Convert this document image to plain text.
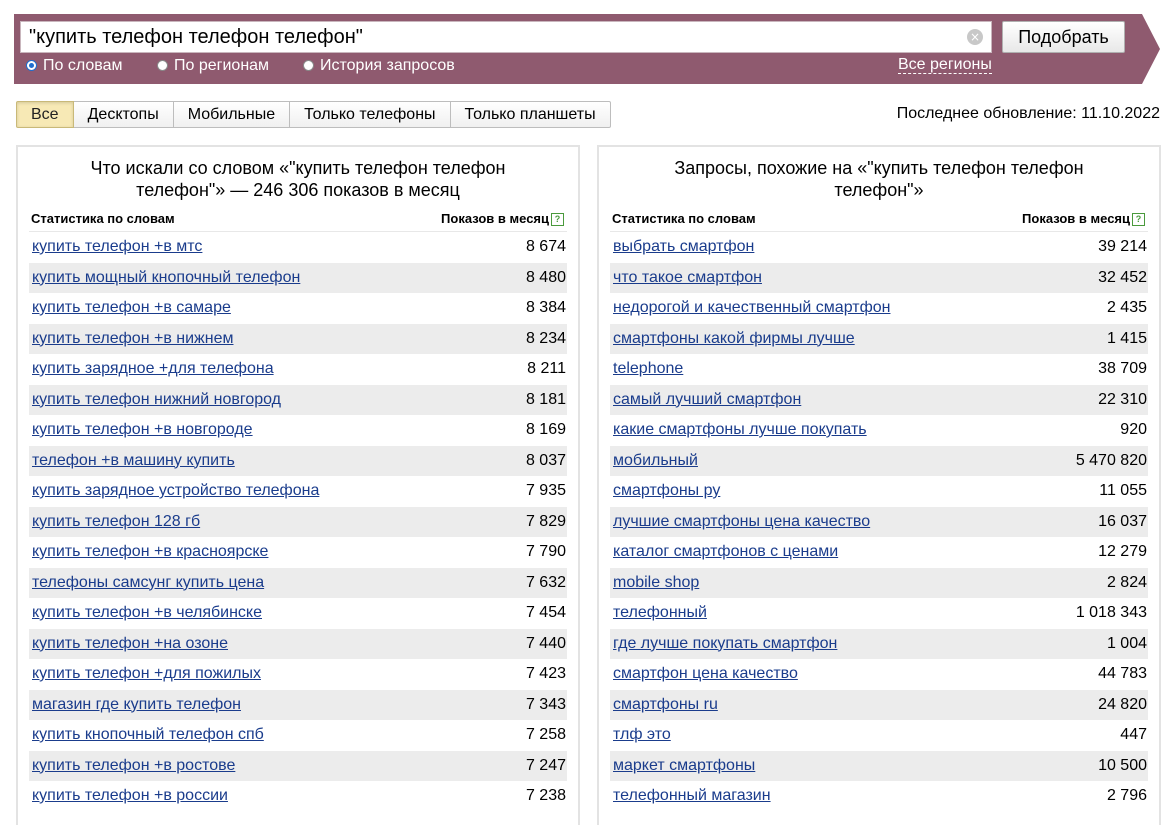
"купить телефон телефон телефон"
×	Подобрать
По словам	По регионам	История запросов	Все регионы
Все	Десктопы	Мобильные	Только телефоны	Только планшеты	Последнее обновление: 11.10.2022
Что искали со словом «"купить телефон телефон
телефон"» — 246 306 показов в месяц
Статистика по словам	Показов в месяц ?
купить телефон +в мтс	8 674
купить мощный кнопочный телефон	8 480
купить телефон +в самаре	8 384
купить телефон +в нижнем	8 234
купить зарядное +для телефона	8 211
купить телефон нижний новгород	8 181
купить телефон +в новгороде	8 169
телефон +в машину купить	8 037
купить зарядное устройство телефона	7 935
купить телефон 128 гб	7 829
купить телефон +в красноярске	7 790
телефоны самсунг купить цена	7 632
купить телефон +в челябинске	7 454
купить телефон +на озоне	7 440
купить телефон +для пожилых	7 423
магазин где купить телефон	7 343
купить кнопочный телефон спб	7 258
купить телефон +в ростове	7 247
купить телефон +в россии	7 238
Запросы, похожие на «"купить телефон телефон
телефон"»
Статистика по словам	Показов в месяц ?
выбрать смартфон	39 214
что такое смартфон	32 452
недорогой и качественный смартфон	2 435
смартфоны какой фирмы лучше	1 415
telephone	38 709
самый лучший смартфон	22 310
какие смартфоны лучше покупать	920
мобильный	5 470 820
смартфоны ру	11 055
лучшие смартфоны цена качество	16 037
каталог смартфонов с ценами	12 279
mobile shop	2 824
телефонный	1 018 343
где лучше покупать смартфон	1 004
смартфон цена качество	44 783
смартфоны ru	24 820
тлф это	447
маркет смартфоны	10 500
телефонный магазин	2 796
